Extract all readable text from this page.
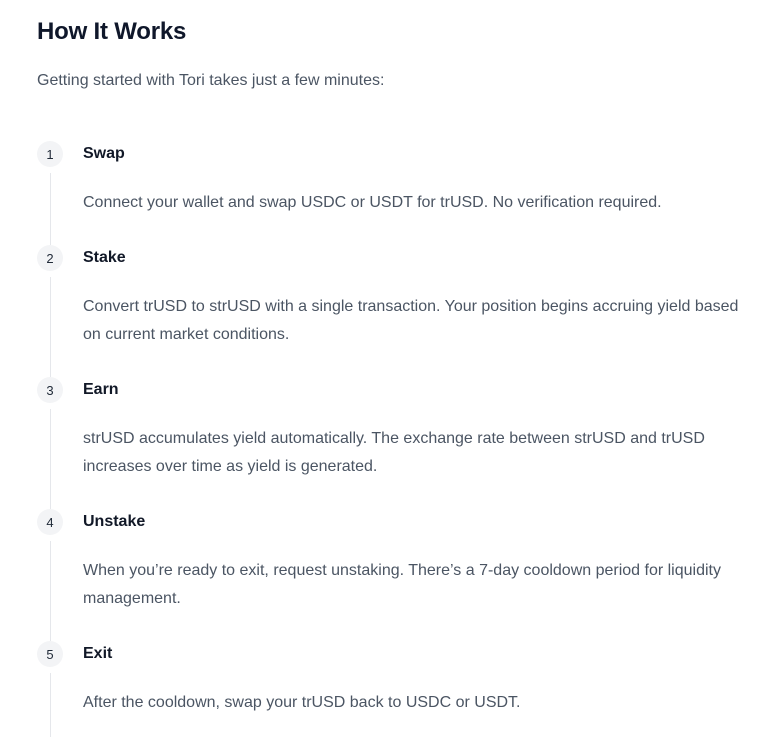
How It Works

Getting started with Tori takes just a few minutes:

1	Swap

Connect your wallet and swap USDC or USDT for trUSD. No verification required.

2	Stake

Convert trUSD to strUSD with a single transaction. Your position begins accruing yield based on current market conditions.

3	Earn

strUSD accumulates yield automatically. The exchange rate between strUSD and trUSD increases over time as yield is generated.

4	Unstake

When you’re ready to exit, request unstaking. There’s a 7-day cooldown period for liquidity management.

5	Exit

After the cooldown, swap your trUSD back to USDC or USDT.
